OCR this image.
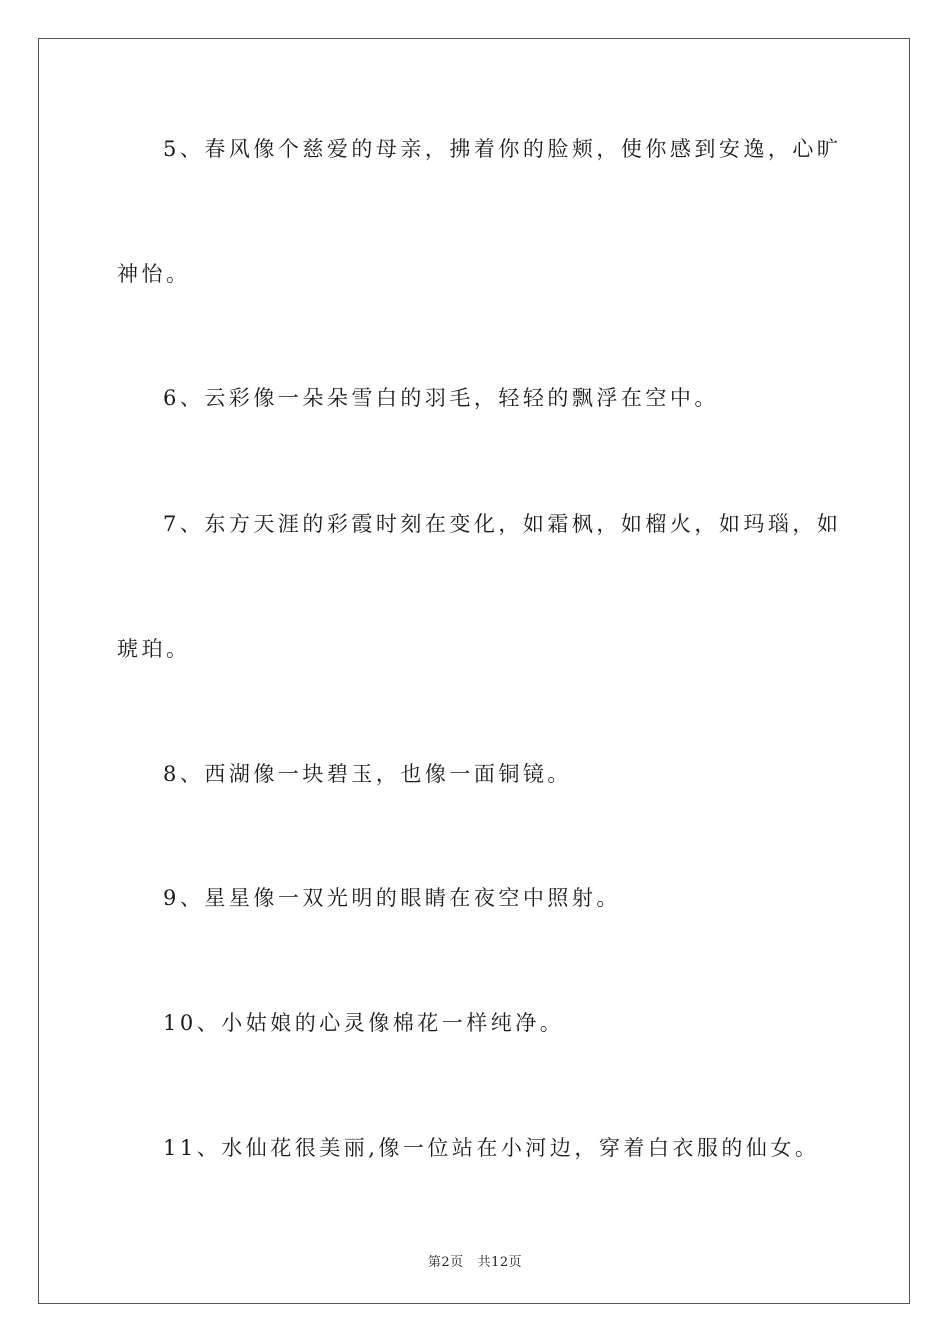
5、春风像个慈爱的母亲，拂着你的脸颊，使你感到安逸，心旷
神怡。
6、云彩像一朵朵雪白的羽毛，轻轻的飘浮在空中。
7、东方天涯的彩霞时刻在变化，如霜枫，如榴火，如玛瑙，如
琥珀。
8、西湖像一块碧玉，也像一面铜镜。
9、星星像一双光明的眼睛在夜空中照射。
10、小姑娘的心灵像棉花一样纯净。
11、水仙花很美丽,像一位站在小河边，穿着白衣服的仙女。
第2页 共12页
